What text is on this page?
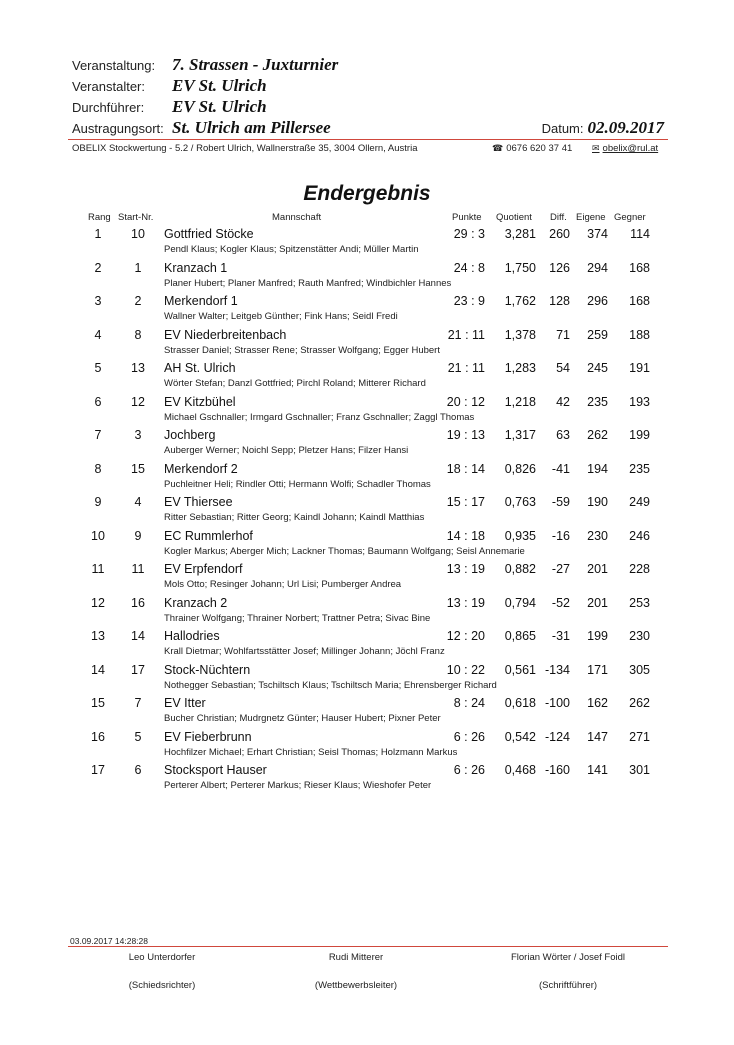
Veranstaltung: 7. Strassen - Juxturnier
Veranstalter:	EV St. Ulrich
Durchführer:	EV St. Ulrich
Austragungsort: St. Ulrich am Pillersee	Datum: 02.09.2017
OBELIX Stockwertung - 5.2 / Robert Ulrich, Wallnerstraße 35, 3004 Ollern, Austria	☎ 0676 620 37 41 ✉ obelix@rul.at
Endergebnis
Rang Start-Nr.	Mannschaft	Punkte Quotient Diff. Eigene Gegner
1	10	Gottfried Stöcke	29 : 3	3,281	260	374	114
Pendl Klaus; Kogler Klaus; Spitzenstätter Andi; Müller Martin
2	1	Kranzach 1	24 : 8	1,750	126	294	168
Planer Hubert; Planer Manfred; Rauth Manfred; Windbichler Hannes
3	2	Merkendorf 1	23 : 9	1,762	128	296	168
Wallner Walter; Leitgeb Günther; Fink Hans; Seidl Fredi
4	8	EV Niederbreitenbach	21 : 11	1,378	71	259	188
Strasser Daniel; Strasser Rene; Strasser Wolfgang; Egger Hubert
5	13	AH St. Ulrich	21 : 11	1,283	54	245	191
Wörter Stefan; Danzl Gottfried; Pirchl Roland; Mitterer Richard
6	12	EV Kitzbühel	20 : 12	1,218	42	235	193
Michael Gschnaller; Irmgard Gschnaller; Franz Gschnaller; Zaggl Thomas
7	3	Jochberg	19 : 13	1,317	63	262	199
Auberger Werner; Noichl Sepp; Pletzer Hans; Filzer Hansi
8	15	Merkendorf 2	18 : 14	0,826	-41	194	235
Puchleitner Heli; Rindler Otti; Hermann Wolfi; Schadler Thomas
9	4	EV Thiersee	15 : 17	0,763	-59	190	249
Ritter Sebastian; Ritter Georg; Kaindl Johann; Kaindl Matthias
10	9	EC Rummlerhof	14 : 18	0,935	-16	230	246
Kogler Markus; Aberger Mich; Lackner Thomas; Baumann Wolfgang; Seisl Annemarie
11	11	EV Erpfendorf	13 : 19	0,882	-27	201	228
Mols Otto; Resinger Johann; Url Lisi; Pumberger Andrea
12	16	Kranzach 2	13 : 19	0,794	-52	201	253
Thrainer Wolfgang; Thrainer Norbert; Trattner Petra; Sivac Bine
13	14	Hallodries	12 : 20	0,865	-31	199	230
Krall Dietmar; Wohlfartsstätter Josef; Millinger Johann; Jöchl Franz
14	17	Stock-Nüchtern	10 : 22	0,561 -134	171	305
Nothegger Sebastian; Tschiltsch Klaus; Tschiltsch Maria; Ehrensberger Richard
15	7	EV Itter	8 : 24	0,618 -100	162	262
Bucher Christian; Mudrgnetz Günter; Hauser Hubert; Pixner Peter
16	5	EV Fieberbrunn	6 : 26	0,542 -124	147	271
Hochfilzer Michael; Erhart Christian; Seisl Thomas; Holzmann Markus
17	6	Stocksport Hauser	6 : 26	0,468 -160	141	301
Perterer Albert; Perterer Markus; Rieser Klaus; Wieshofer Peter
03.09.2017 14:28:28
Leo Unterdorfer
(Schiedsrichter)
Rudi Mitterer
(Wettbewerbsleiter)
Florian Wörter / Josef Foidl
(Schriftführer)
